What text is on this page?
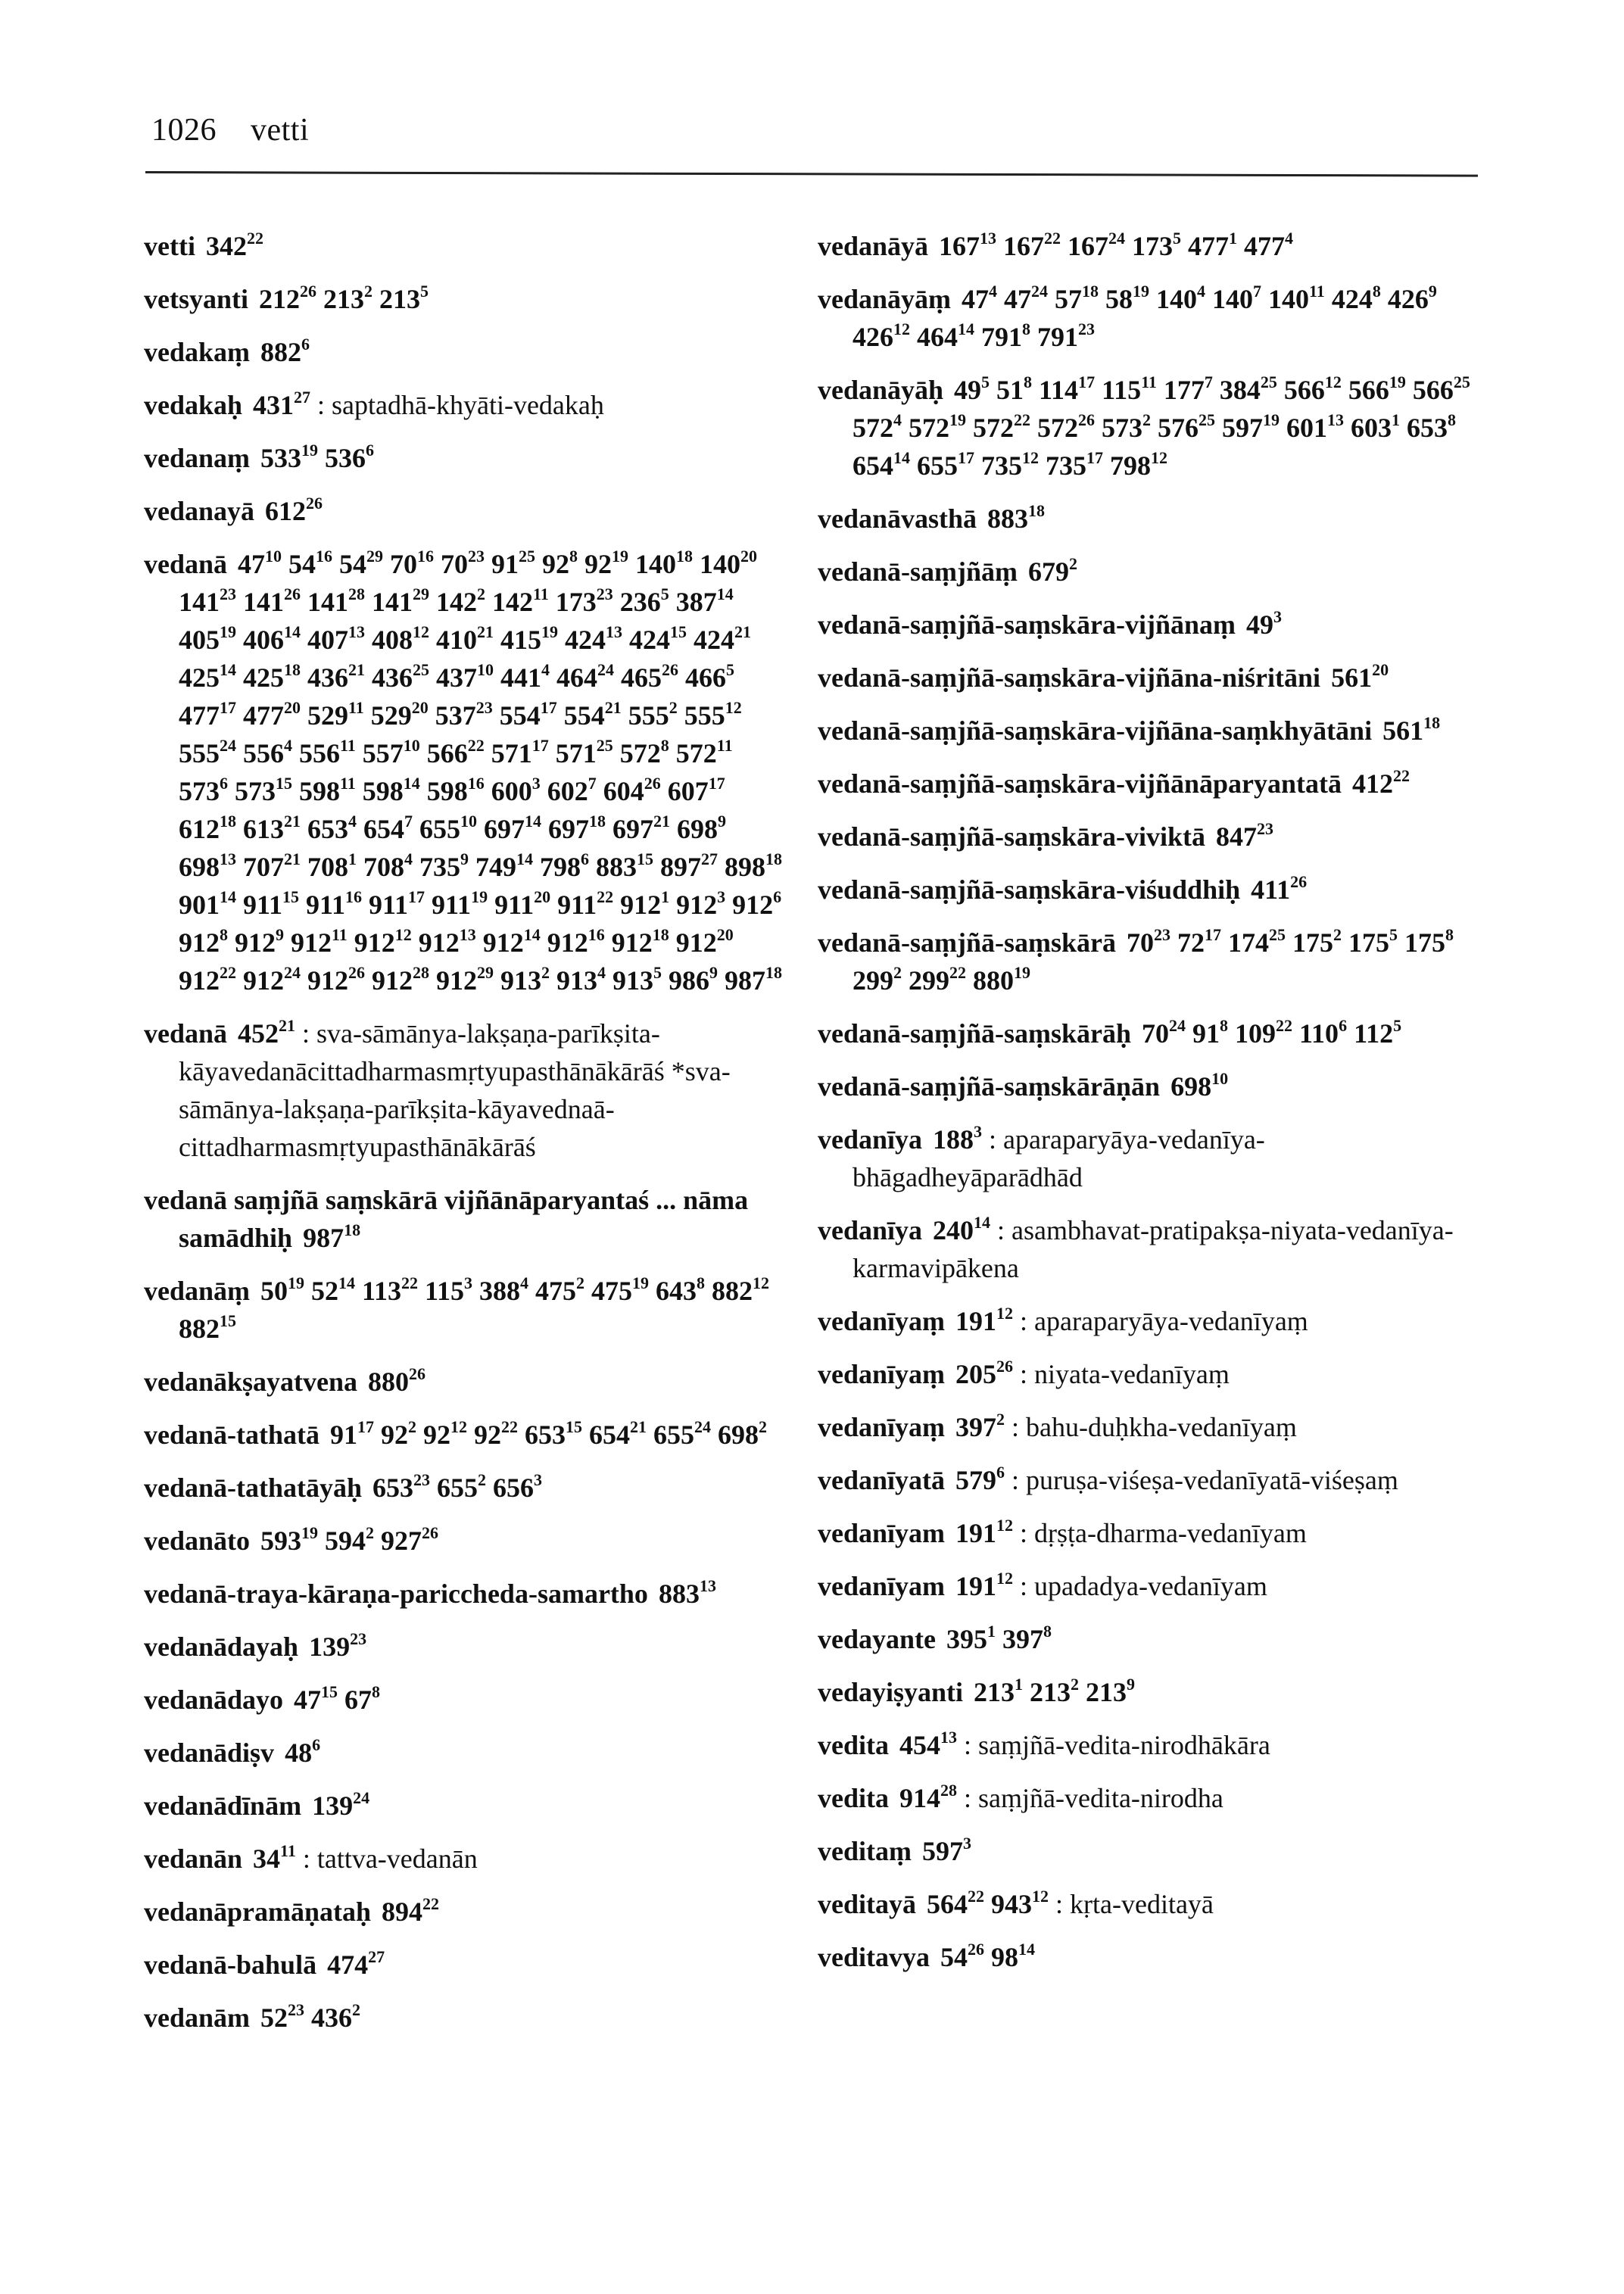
1026 vetti
vetti $342^{22}$
vetsyanti $212^{26}$ $213^2$ $213^5$
vedakaṃ $882^6$
vedakaḥ $431^{27}$ : saptadhā-khyāti-vedakaḥ
vedanaṃ $533^{19}$ $536^6$
vedanayā $612^{26}$
vedanā $47^{10}$ $54^{16}$ $54^{29}$ $70^{16}$ $70^{23}$ $91^{25}$ $92^8$ $92^{19}$ $140^{18}$ $140^{20}$ $141^{23}$ $141^{26}$ $141^{28}$ $141^{29}$ $142^2$ $142^{11}$ $173^{23}$ $236^5$ $387^{14}$ $405^{19}$ $406^{14}$ $407^{13}$ $408^{12}$ $410^{21}$ $415^{19}$ $424^{13}$ $424^{15}$ $424^{21}$ $425^{14}$ $425^{18}$ $436^{21}$ $436^{25}$ $437^{10}$ $441^4$ $464^{24}$ $465^{26}$ $466^5$ $477^{17}$ $477^{20}$ $529^{11}$ $529^{20}$ $537^{23}$ $554^{17}$ $554^{21}$ $555^2$ $555^{12}$ $555^{24}$ $556^4$ $556^{11}$ $557^{10}$ $566^{22}$ $571^{17}$ $571^{25}$ $572^8$ $572^{11}$ $573^6$ $573^{15}$ $598^{11}$ $598^{14}$ $598^{16}$ $600^3$ $602^7$ $604^{26}$ $607^{17}$ $612^{18}$ $613^{21}$ $653^4$ $654^7$ $655^{10}$ $697^{14}$ $697^{18}$ $697^{21}$ $698^9$ $698^{13}$ $707^{21}$ $708^1$ $708^4$ $735^9$ $749^{14}$ $798^6$ $883^{15}$ $897^{27}$ $898^{18}$ $901^{14}$ $911^{15}$ $911^{16}$ $911^{17}$ $911^{19}$ $911^{20}$ $911^{22}$ $912^1$ $912^3$ $912^6$ $912^8$ $912^9$ $912^{11}$ $912^{12}$ $912^{13}$ $912^{14}$ $912^{16}$ $912^{18}$ $912^{20}$ $912^{22}$ $912^{24}$ $912^{26}$ $912^{28}$ $912^{29}$ $913^2$ $913^4$ $913^5$ $986^9$ $987^{18}$
vedanā $452^{21}$ : sva-sāmānya-lakṣaṇa-parīkṣita-kāyavedanācittadharmasmṛtyupasthānākārāś *sva-sāmānya-lakṣaṇa-parīkṣita-kāyavednaā-cittadharmasmṛtyupasthānākārāś
vedanā saṃjñā saṃskārā vijñānāparyantaś ... nāma samādhiḥ $987^{18}$
vedanāṃ $50^{19}$ $52^{14}$ $113^{22}$ $115^3$ $388^4$ $475^2$ $475^{19}$ $643^8$ $882^{12}$ $882^{15}$
vedanākṣayatvena $880^{26}$
vedanā-tathatā $91^{17}$ $92^2$ $92^{12}$ $92^{22}$ $653^{15}$ $654^{21}$ $655^{24}$ $698^2$
vedanā-tathatāyāḥ $653^{23}$ $655^2$ $656^3$
vedanāto $593^{19}$ $594^2$ $927^{26}$
vedanā-traya-kāraṇa-pariccheda-samartho $883^{13}$
vedanādayaḥ $139^{23}$
vedanādayo $47^{15}$ $67^8$
vedanādiṣv $48^6$
vedanādīnām $139^{24}$
vedanān $34^{11}$ : tattva-vedanān
vedanāpramāṇataḥ $894^{22}$
vedanā-bahulā $474^{27}$
vedanām $52^{23}$ $436^2$
vedanāyā $167^{13}$ $167^{22}$ $167^{24}$ $173^5$ $477^1$ $477^4$
vedanāyāṃ $47^4$ $47^{24}$ $57^{18}$ $58^{19}$ $140^4$ $140^7$ $140^{11}$ $424^8$ $426^9$ $426^{12}$ $464^{14}$ $791^8$ $791^{23}$
vedanāyāḥ $49^5$ $51^8$ $114^{17}$ $115^{11}$ $177^7$ $384^{25}$ $566^{12}$ $566^{19}$ $566^{25}$ $572^4$ $572^{19}$ $572^{22}$ $572^{26}$ $573^2$ $576^{25}$ $597^{19}$ $601^{13}$ $603^1$ $653^8$ $654^{14}$ $655^{17}$ $735^{12}$ $735^{17}$ $798^{12}$
vedanāvasthā $883^{18}$
vedanā-saṃjñāṃ $679^2$
vedanā-saṃjñā-saṃskāra-vijñānaṃ $49^3$
vedanā-saṃjñā-saṃskāra-vijñāna-niśritāni $561^{20}$
vedanā-saṃjñā-saṃskāra-vijñāna-saṃkhyātāni $561^{18}$
vedanā-saṃjñā-saṃskāra-vijñānāparyantatā $412^{22}$
vedanā-saṃjñā-saṃskāra-viviktā $847^{23}$
vedanā-saṃjñā-saṃskāra-viśuddhiḥ $411^{26}$
vedanā-saṃjñā-saṃskārā $70^{23}$ $72^{17}$ $174^{25}$ $175^2$ $175^5$ $175^8$ $299^2$ $299^{22}$ $880^{19}$
vedanā-saṃjñā-saṃskārāḥ $70^{24}$ $91^8$ $109^{22}$ $110^6$ $112^5$
vedanā-saṃjñā-saṃskārāṇān $698^{10}$
vedanīya $188^3$ : aparaparyāya-vedanīya-bhāgadheyāparādhād
vedanīya $240^{14}$ : asambhavat-pratipakṣa-niyata-vedanīya-karmavipākena
vedanīyaṃ $191^{12}$ : aparaparyāya-vedanīyaṃ
vedanīyaṃ $205^{26}$ : niyata-vedanīyaṃ
vedanīyaṃ $397^2$ : bahu-duḥkha-vedanīyaṃ
vedanīyatā $579^6$ : puruṣa-viśeṣa-vedanīyatā-viśeṣaṃ
vedanīyam $191^{12}$ : dṛṣṭa-dharma-vedanīyam
vedanīyam $191^{12}$ : upadadya-vedanīyam
vedayante $395^1$ $397^8$
vedayiṣyanti $213^1$ $213^2$ $213^9$
vedita $454^{13}$ : saṃjñā-vedita-nirodhākāra
vedita $914^{28}$ : saṃjñā-vedita-nirodha
veditaṃ $597^3$
veditayā $564^{22}$ $943^{12}$ : kṛta-veditayā
veditavya $54^{26}$ $98^{14}$
